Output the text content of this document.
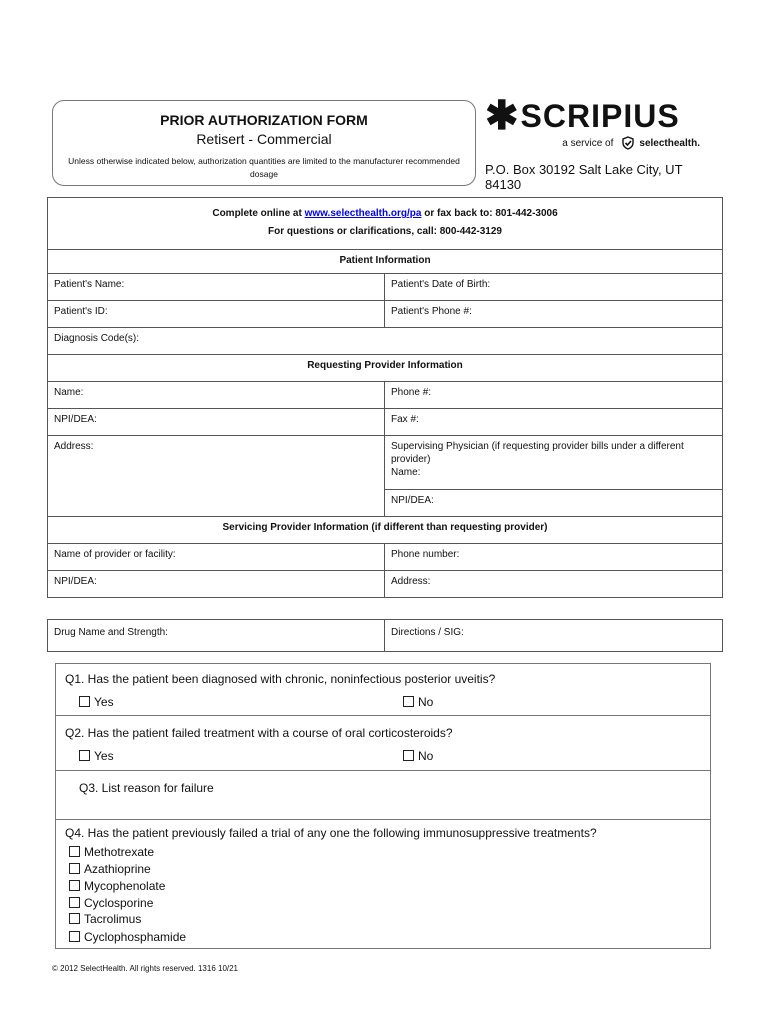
PRIOR AUTHORIZATION FORM
Retisert - Commercial
Unless otherwise indicated below, authorization quantities are limited to the manufacturer recommended dosage
✱ SCRIPIUS
a service of	selecthealth.
P.O. Box 30192 Salt Lake City, UT 84130
Complete online at www.selecthealth.org/pa or fax back to: 801-442-3006
For questions or clarifications, call: 800-442-3129	
Patient Information	
Patient's Name:	Patient's Date of Birth:
Patient's ID:	Patient's Phone #:
Diagnosis Code(s):	
Requesting Provider Information	
Name:	Phone #:
NPI/DEA:	Fax #:
Address:	Supervising Physician (if requesting provider bills under a different provider)
Name:
	NPI/DEA:
Servicing Provider Information (if different than requesting provider)	
Name of provider or facility:	Phone number:
NPI/DEA:	Address:
Drug Name and Strength:	Directions / SIG:
Q1. Has the patient been diagnosed with chronic, noninfectious posterior uveitis?
Yes	No
Q2. Has the patient failed treatment with a course of oral corticosteroids?
Yes	No
Q3. List reason for failure
Q4. Has the patient previously failed a trial of any one the following immunosuppressive treatments?
Methotrexate
Azathioprine
Mycophenolate
Cyclosporine
Tacrolimus
Cyclophosphamide
© 2012 SelectHealth. All rights reserved. 1316 10/21
